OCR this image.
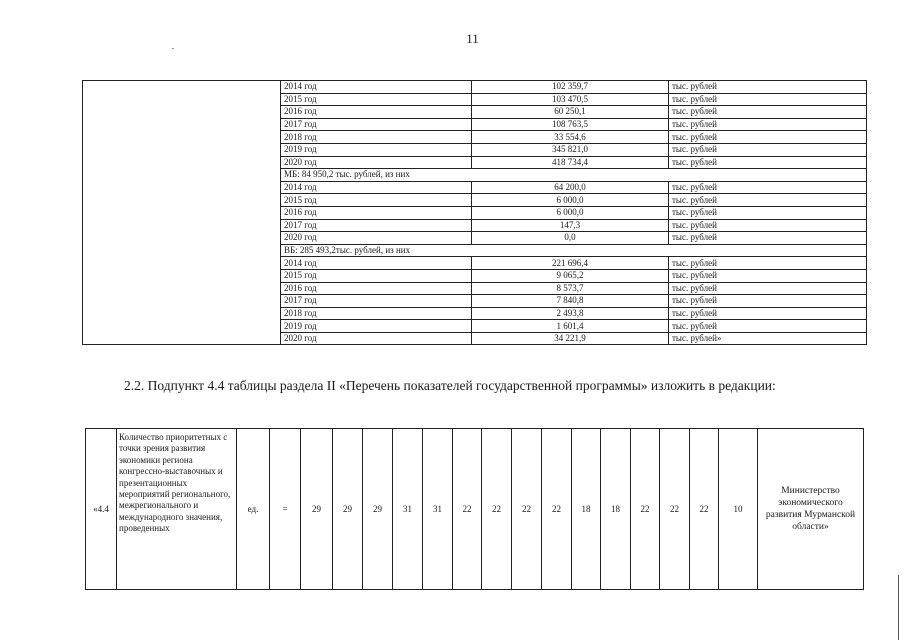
11
	2014 год	102 359,7	тыс. рублей
	2015 год	103 470,5	тыс. рублей
	2016 год	60 250,1	тыс. рублей
	2017 год	108 763,5	тыс. рублей
	2018 год	33 554,6	тыс. рублей
	2019 год	345 821,0	тыс. рублей
	2020 год	418 734,4	тыс. рублей
	МБ: 84 950,2 тыс. рублей, из них		
	2014 год	64 200,0	тыс. рублей
	2015 год	6 000,0	тыс. рублей
	2016 год	6 000,0	тыс. рублей
	2017 год	147,3	тыс. рублей
	2020 год	0,0	тыс. рублей
	ВБ: 285 493,2тыс. рублей, из них		
	2014 год	221 696,4	тыс. рублей
	2015 год	9 065,2	тыс. рублей
	2016 год	8 573,7	тыс. рублей
	2017 год	7 840,8	тыс. рублей
	2018 год	2 493,8	тыс. рублей
	2019 год	1 601,4	тыс. рублей
	2020 год	34 221,9	тыс. рублей»
2.2. Подпункт 4.4 таблицы раздела II «Перечень показателей государственной программы» изложить в редакции:
«4.4	Количество приоритетных с точки зрения развития экономики региона конгрессно-выставочных и презентационных мероприятий регионального, межрегионального и международного значения, проведенных	ед.	=	29	29	29	31	31	22	22	22	22	18	18	22	22	22	10	Министерство экономического развития Мурманской области»
